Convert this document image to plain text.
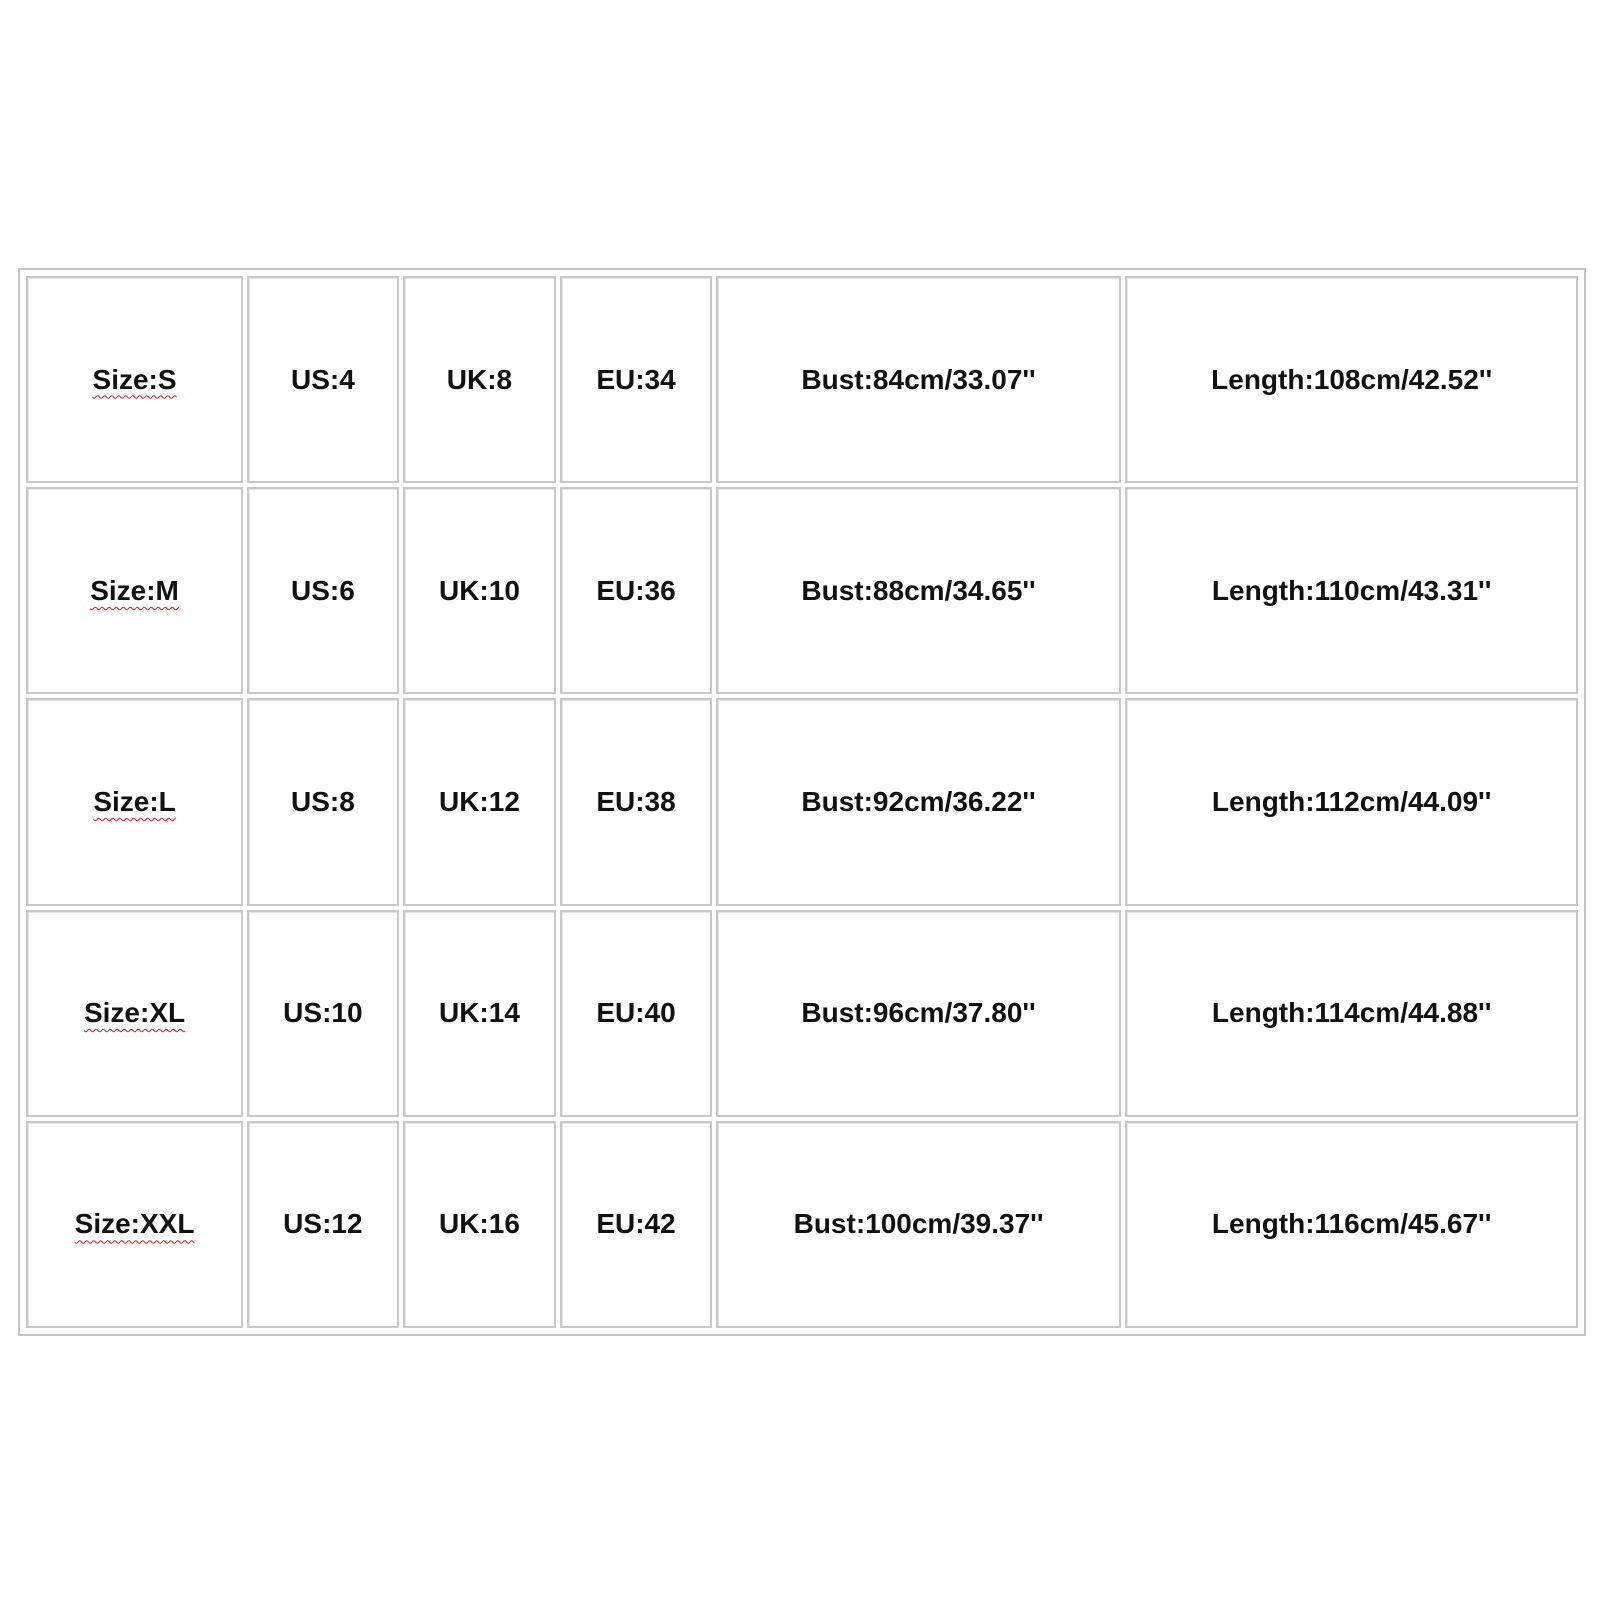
Size:S	US:4	UK:8	EU:34	Bust:84cm/33.07''	Length:108cm/42.52''
Size:M	US:6	UK:10	EU:36	Bust:88cm/34.65''	Length:110cm/43.31''
Size:L	US:8	UK:12	EU:38	Bust:92cm/36.22''	Length:112cm/44.09''
Size:XL	US:10	UK:14	EU:40	Bust:96cm/37.80''	Length:114cm/44.88''
Size:XXL	US:12	UK:16	EU:42	Bust:100cm/39.37''	Length:116cm/45.67''
